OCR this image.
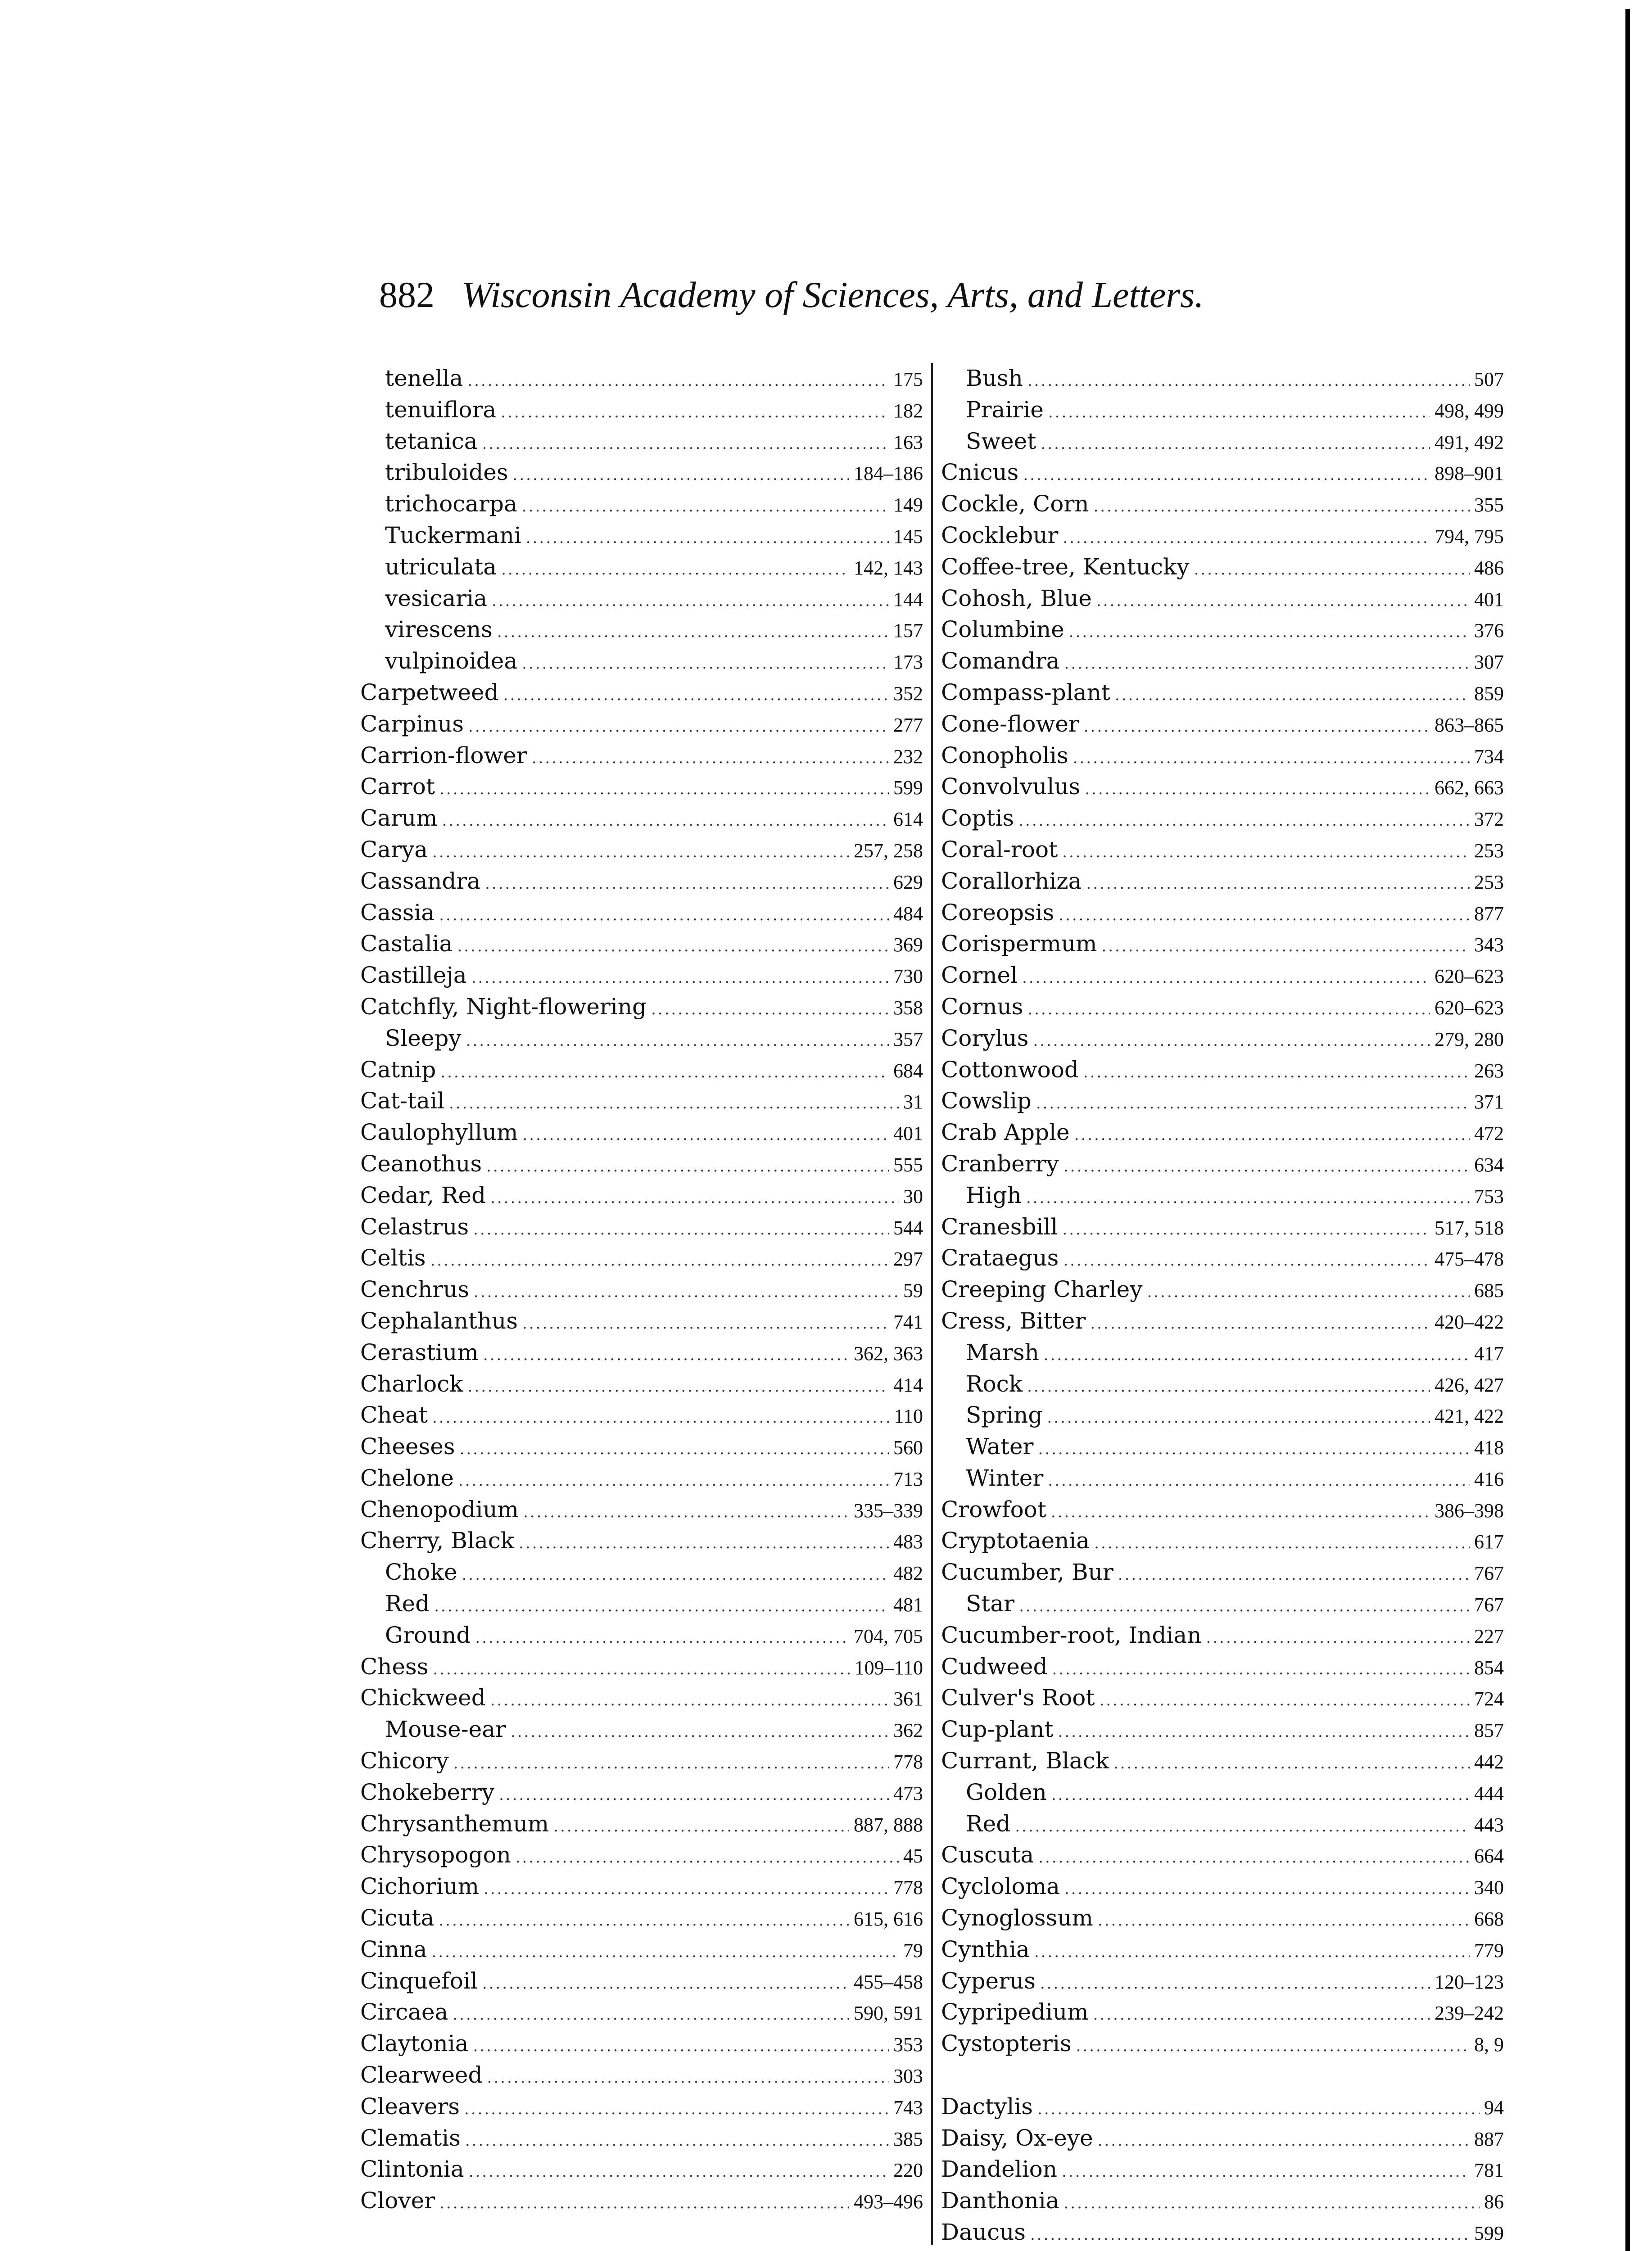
882 Wisconsin Academy of Sciences, Arts, and Letters.
tenella .....	175
tenuiflora .....	182
tetanica .....	163
tribuloides .....	184–186
trichocarpa .....	149
Tuckermani .....	145
utriculata .....	142, 143
vesicaria .....	144
virescens .....	157
vulpinoidea .....	173
Carpetweed .....	352
Carpinus .....	277
Carrion-flower .....	232
Carrot .....	599
Carum .....	614
Carya .....	257, 258
Cassandra .....	629
Cassia .....	484
Castalia .....	369
Castilleja .....	730
Catchfly, Night-flowering .....	358
Sleepy .....	357
Catnip .....	684
Cat-tail .....	31
Caulophyllum .....	401
Ceanothus .....	555
Cedar, Red .....	30
Celastrus .....	544
Celtis .....	297
Cenchrus .....	59
Cephalanthus .....	741
Cerastium .....	362, 363
Charlock .....	414
Cheat .....	110
Cheeses .....	560
Chelone .....	713
Chenopodium .....	335–339
Cherry, Black .....	483
Choke .....	482
Red .....	481
Ground .....	704, 705
Chess .....	109–110
Chickweed .....	361
Mouse-ear .....	362
Chicory .....	778
Chokeberry .....	473
Chrysanthemum .....	887, 888
Chrysopogon .....	45
Cichorium .....	778
Cicuta .....	615, 616
Cinna .....	79
Cinquefoil .....	455–458
Circaea .....	590, 591
Claytonia .....	353
Clearweed .....	303
Cleavers .....	743
Clematis .....	385
Clintonia .....	220
Clover .....	493–496
Bush .....	507
Prairie .....	498, 499
Sweet .....	491, 492
Cnicus .....	898–901
Cockle, Corn .....	355
Cocklebur .....	794, 795
Coffee-tree, Kentucky .....	486
Cohosh, Blue .....	401
Columbine .....	376
Comandra .....	307
Compass-plant .....	859
Cone-flower .....	863–865
Conopholis .....	734
Convolvulus .....	662, 663
Coptis .....	372
Coral-root .....	253
Corallorhiza .....	253
Coreopsis .....	877
Corispermum .....	343
Cornel .....	620–623
Cornus .....	620–623
Corylus .....	279, 280
Cottonwood .....	263
Cowslip .....	371
Crab Apple .....	472
Cranberry .....	634
High .....	753
Cranesbill .....	517, 518
Crataegus .....	475–478
Creeping Charley .....	685
Cress, Bitter .....	420–422
Marsh .....	417
Rock .....	426, 427
Spring .....	421, 422
Water .....	418
Winter .....	416
Crowfoot .....	386–398
Cryptotaenia .....	617
Cucumber, Bur .....	767
Star .....	767
Cucumber-root, Indian .....	227
Cudweed .....	854
Culver's Root .....	724
Cup-plant .....	857
Currant, Black .....	442
Golden .....	444
Red .....	443
Cuscuta .....	664
Cycloloma .....	340
Cynoglossum .....	668
Cynthia .....	779
Cyperus .....	120–123
Cypripedium .....	239–242
Cystopteris .....	8, 9
Dactylis .....	94
Daisy, Ox-eye .....	887
Dandelion .....	781
Danthonia .....	86
Daucus .....	599
